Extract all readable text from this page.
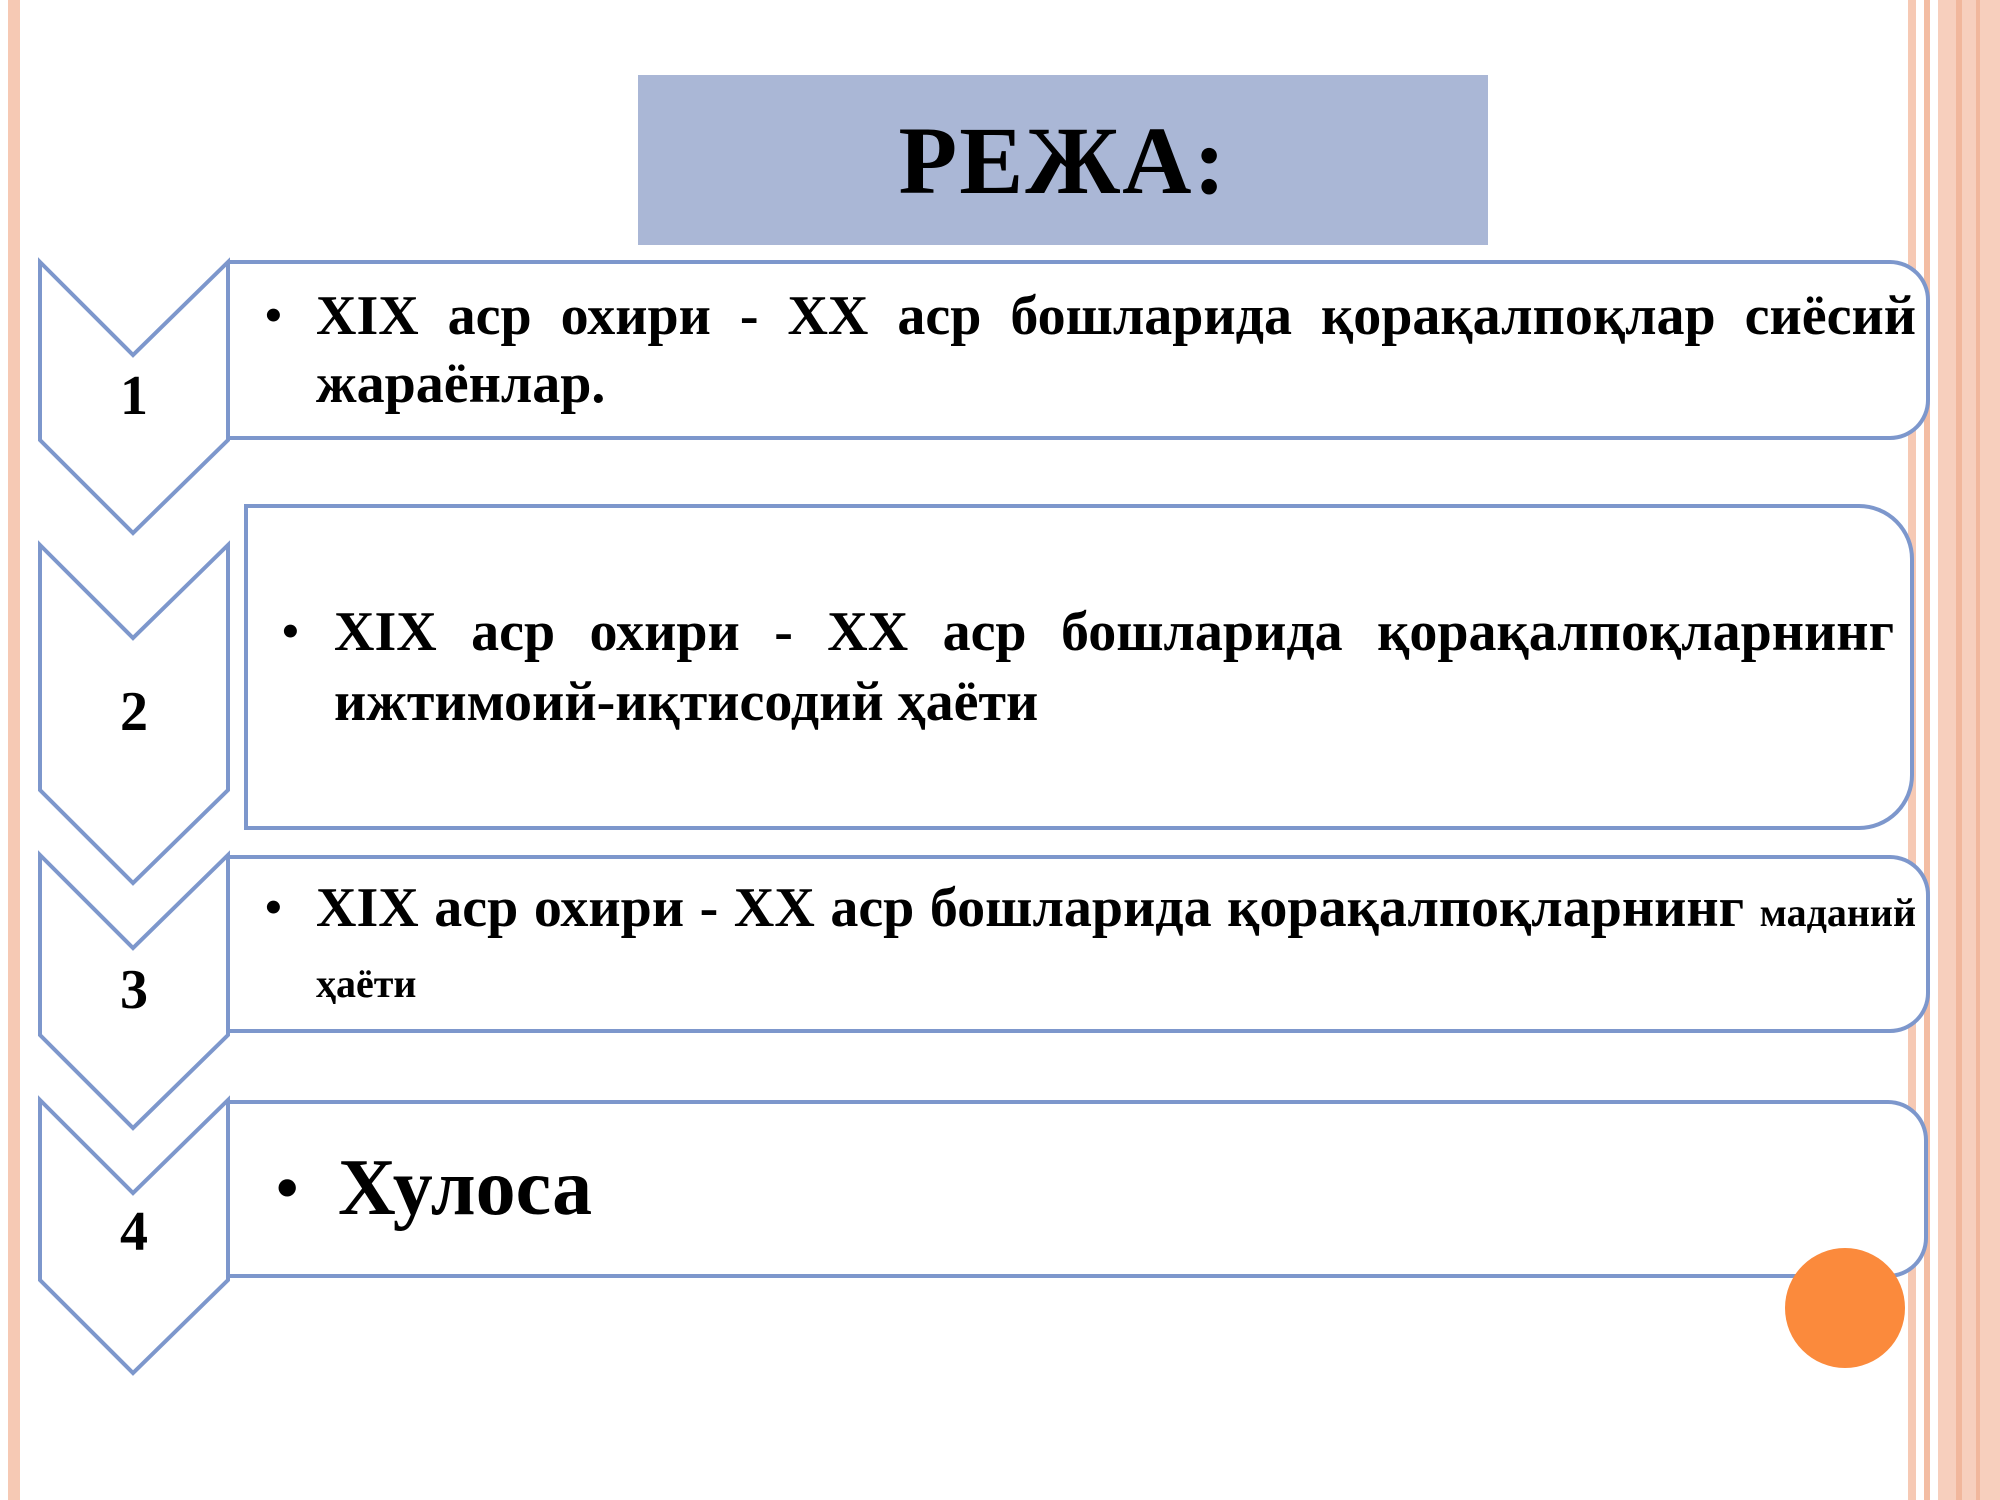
РЕЖА:
1
2
3
4
• XIX аср охири - XX аср бошларида қорақалпоқлар сиёсий жараёнлар.
• XIX аср охири - XX аср бошларида қорақалпоқларнинг ижтимоий-иқтисодий ҳаёти
• XIX аср охири - XX аср бошларида қорақалпоқларнинг маданий ҳаёти
• Хулоса
